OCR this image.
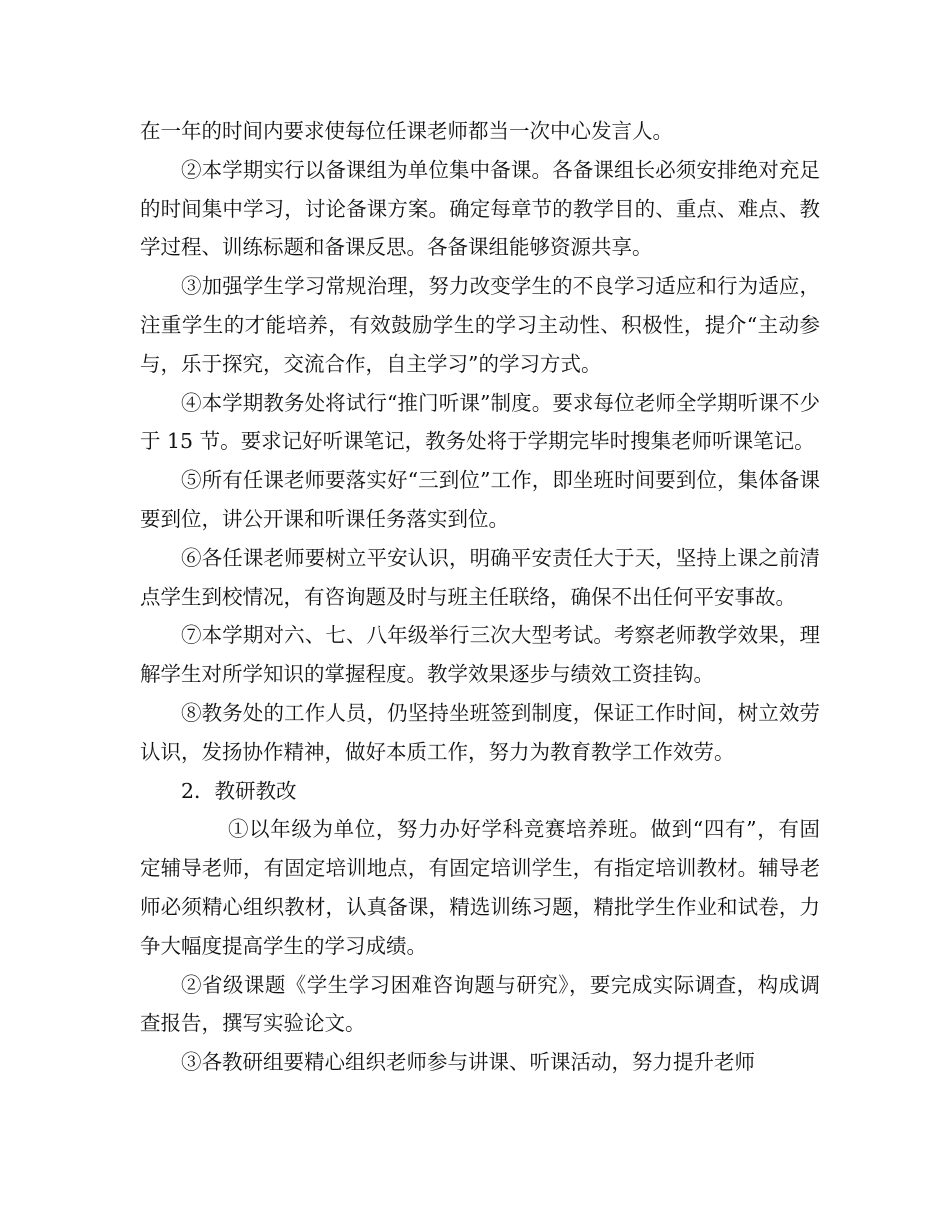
在一年的时间内要求使每位任课老师都当一次中心发言人。

②本学期实行以备课组为单位集中备课。各备课组长必须安排绝对充足的时间集中学习，讨论备课方案。确定每章节的教学目的、重点、难点、教学过程、训练标题和备课反思。各备课组能够资源共享。

③加强学生学习常规治理，努力改变学生的不良学习适应和行为适应，注重学生的才能培养，有效鼓励学生的学习主动性、积极性，提介“主动参与，乐于探究，交流合作，自主学习”的学习方式。

④本学期教务处将试行“推门听课”制度。要求每位老师全学期听课不少于 15 节。要求记好听课笔记，教务处将于学期完毕时搜集老师听课笔记。

⑤所有任课老师要落实好“三到位”工作，即坐班时间要到位，集体备课要到位，讲公开课和听课任务落实到位。

⑥各任课老师要树立平安认识，明确平安责任大于天，坚持上课之前清点学生到校情况，有咨询题及时与班主任联络，确保不出任何平安事故。

⑦本学期对六、七、八年级举行三次大型考试。考察老师教学效果，理解学生对所学知识的掌握程度。教学效果逐步与绩效工资挂钩。

⑧教务处的工作人员，仍坚持坐班签到制度，保证工作时间，树立效劳认识，发扬协作精神，做好本质工作，努力为教育教学工作效劳。

2．教研教改

①以年级为单位，努力办好学科竞赛培养班。做到“四有”，有固定辅导老师，有固定培训地点，有固定培训学生，有指定培训教材。辅导老师必须精心组织教材，认真备课，精选训练习题，精批学生作业和试卷，力争大幅度提高学生的学习成绩。

②省级课题《学生学习困难咨询题与研究》，要完成实际调查，构成调查报告，撰写实验论文。

③各教研组要精心组织老师参与讲课、听课活动，努力提升老师
